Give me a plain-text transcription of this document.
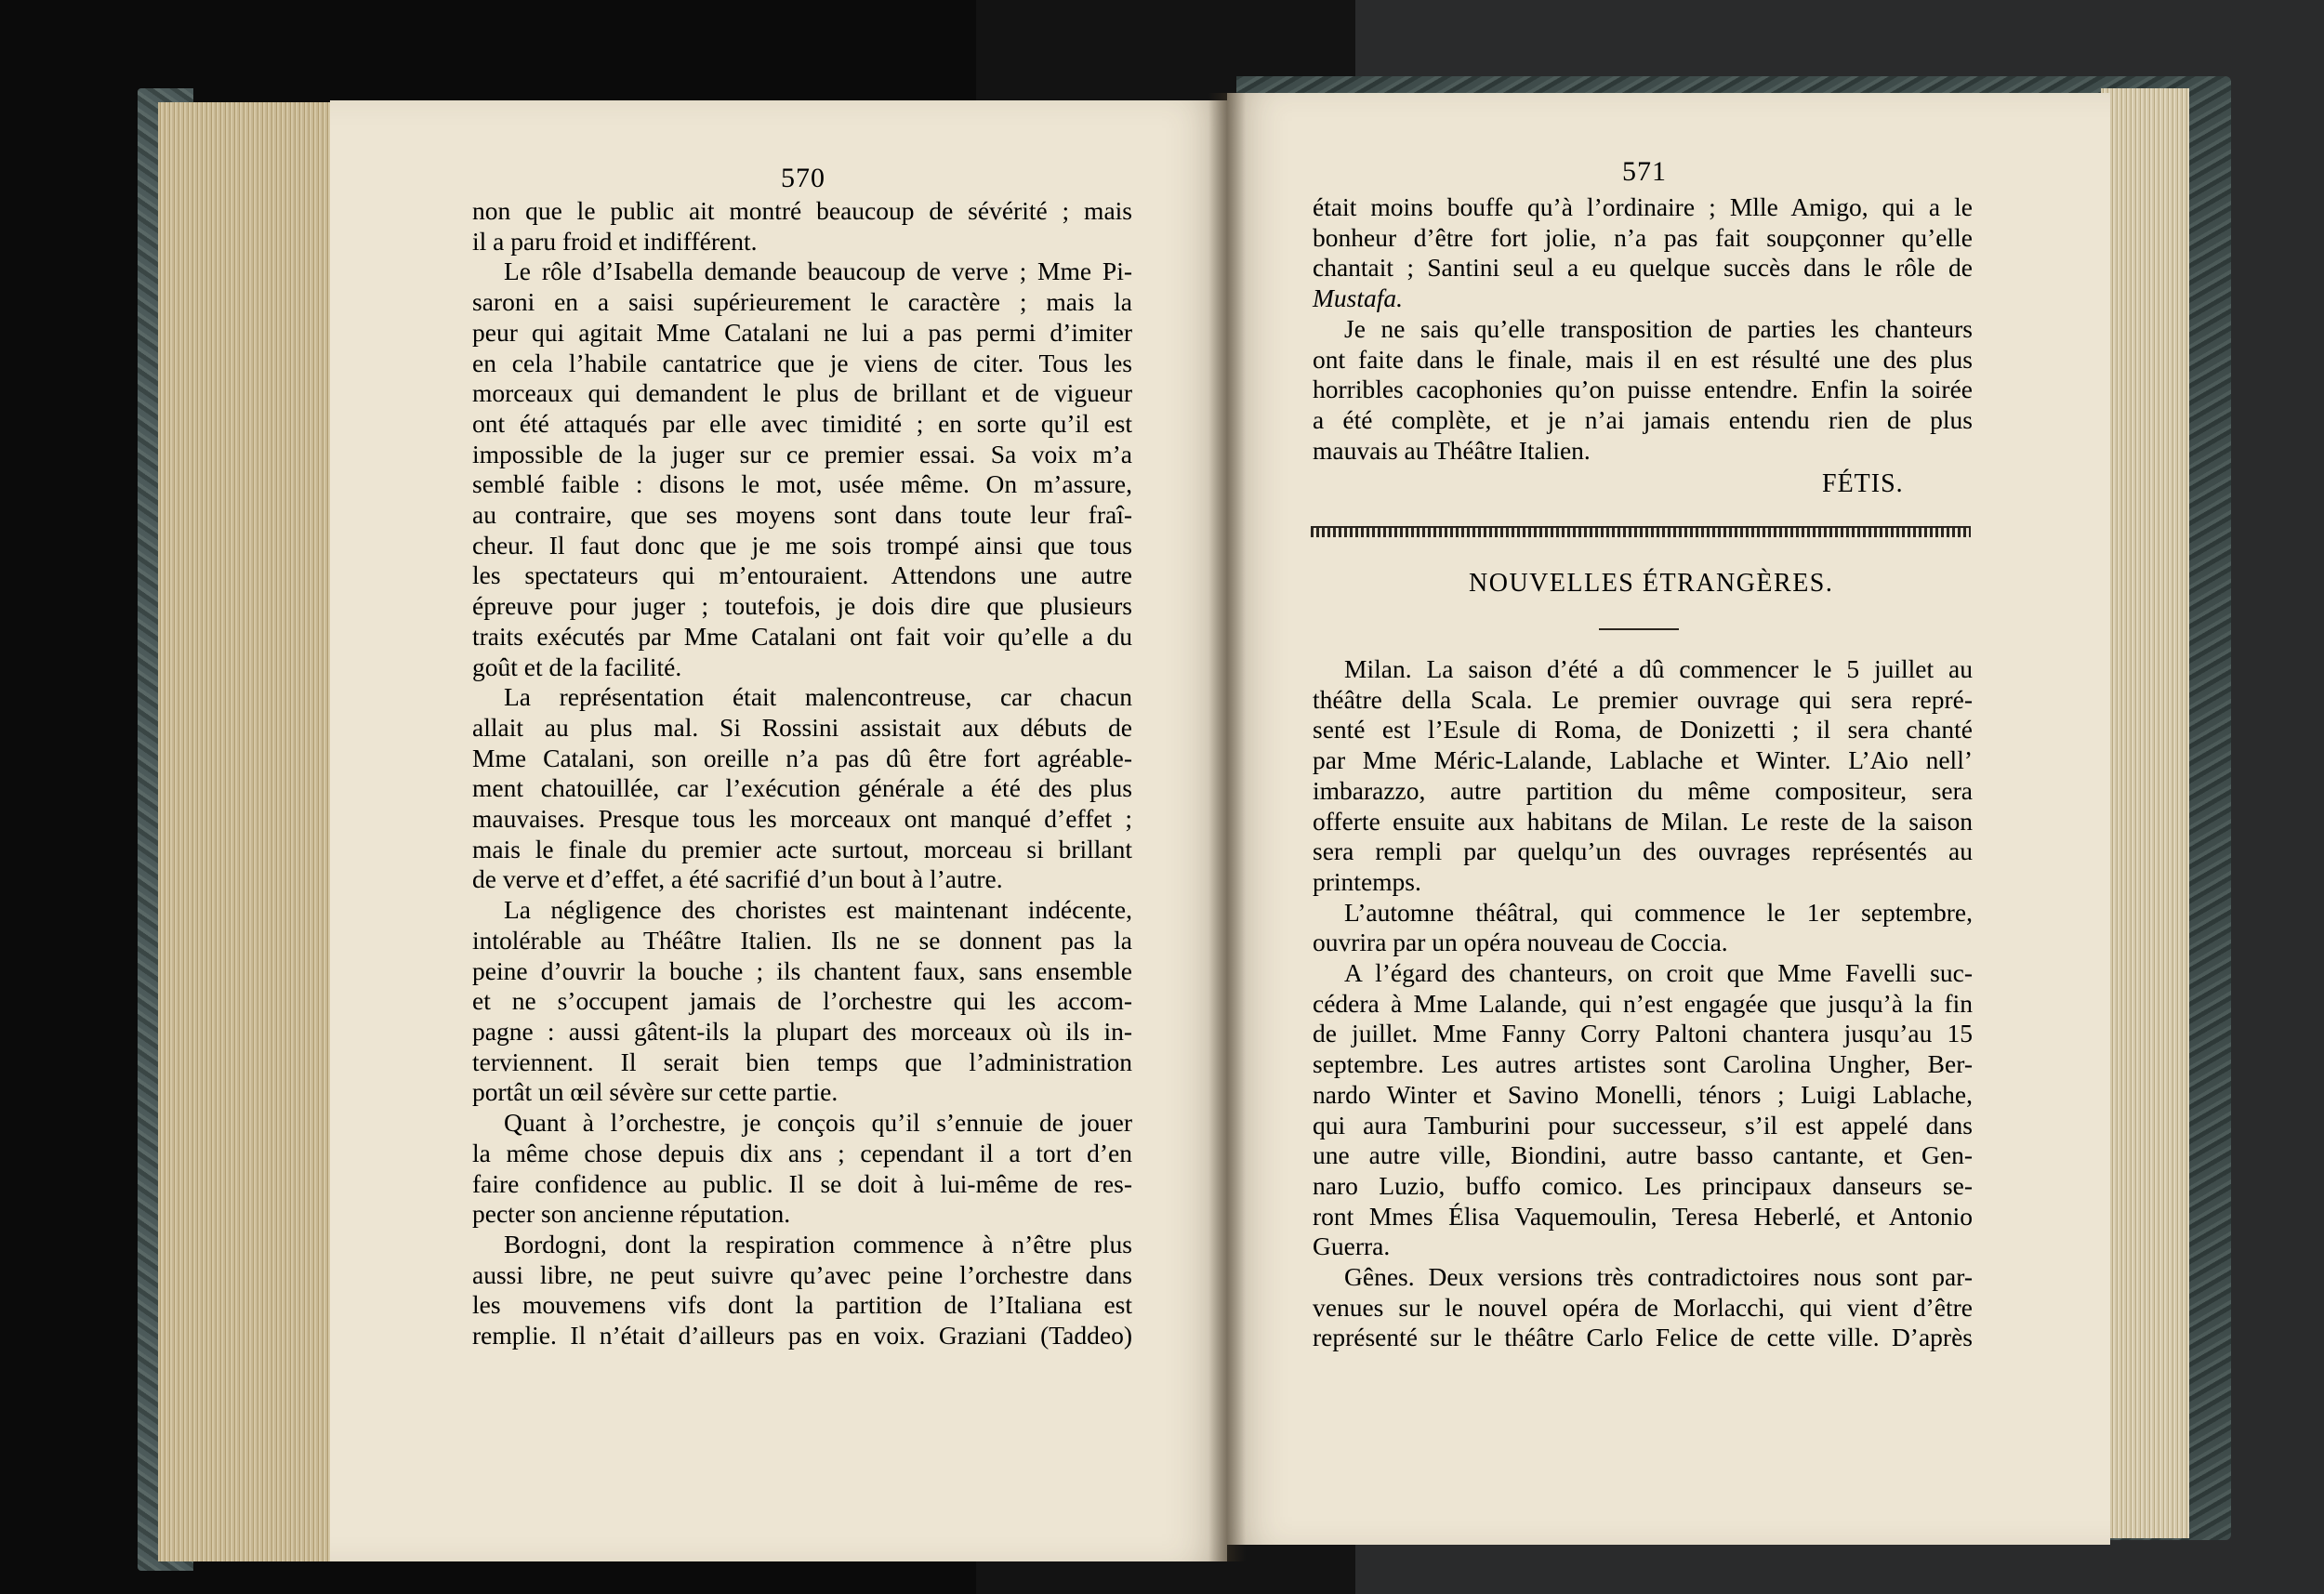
570
non que le public ait montré beaucoup de sévérité ; mais
il a paru froid et indifférent.
Le rôle d’Isabella demande beaucoup de verve ; Mme Pi-
saroni en a saisi supérieurement le caractère ; mais la
peur qui agitait Mme Catalani ne lui a pas permi d’imiter
en cela l’habile cantatrice que je viens de citer. Tous les
morceaux qui demandent le plus de brillant et de vigueur
ont été attaqués par elle avec timidité ; en sorte qu’il est
impossible de la juger sur ce premier essai. Sa voix m’a
semblé faible : disons le mot, usée même. On m’assure,
au contraire, que ses moyens sont dans toute leur fraî-
cheur. Il faut donc que je me sois trompé ainsi que tous
les spectateurs qui m’entouraient. Attendons une autre
épreuve pour juger ; toutefois, je dois dire que plusieurs
traits exécutés par Mme Catalani ont fait voir qu’elle a du
goût et de la facilité.
La représentation était malencontreuse, car chacun
allait au plus mal. Si Rossini assistait aux débuts de
Mme Catalani, son oreille n’a pas dû être fort agréable-
ment chatouillée, car l’exécution générale a été des plus
mauvaises. Presque tous les morceaux ont manqué d’effet ;
mais le finale du premier acte surtout, morceau si brillant
de verve et d’effet, a été sacrifié d’un bout à l’autre.
La négligence des choristes est maintenant indécente,
intolérable au Théâtre Italien. Ils ne se donnent pas la
peine d’ouvrir la bouche ; ils chantent faux, sans ensemble
et ne s’occupent jamais de l’orchestre qui les accom-
pagne : aussi gâtent-ils la plupart des morceaux où ils in-
terviennent. Il serait bien temps que l’administration
portât un œil sévère sur cette partie.
Quant à l’orchestre, je conçois qu’il s’ennuie de jouer
la même chose depuis dix ans ; cependant il a tort d’en
faire confidence au public. Il se doit à lui-même de res-
pecter son ancienne réputation.
Bordogni, dont la respiration commence à n’être plus
aussi libre, ne peut suivre qu’avec peine l’orchestre dans
les mouvemens vifs dont la partition de l’Italiana est
remplie. Il n’était d’ailleurs pas en voix. Graziani (Taddeo)
571
était moins bouffe qu’à l’ordinaire ; Mlle Amigo, qui a le
bonheur d’être fort jolie, n’a pas fait soupçonner qu’elle
chantait ; Santini seul a eu quelque succès dans le rôle de
Mustafa.
Je ne sais qu’elle transposition de parties les chanteurs
ont faite dans le finale, mais il en est résulté une des plus
horribles cacophonies qu’on puisse entendre. Enfin la soirée
a été complète, et je n’ai jamais entendu rien de plus
mauvais au Théâtre Italien.
FÉTIS.
NOUVELLES ÉTRANGÈRES.
Milan. La saison d’été a dû commencer le 5 juillet au
théâtre della Scala. Le premier ouvrage qui sera repré-
senté est l’Esule di Roma, de Donizetti ; il sera chanté
par Mme Méric-Lalande, Lablache et Winter. L’Aio nell’
imbarazzo, autre partition du même compositeur, sera
offerte ensuite aux habitans de Milan. Le reste de la saison
sera rempli par quelqu’un des ouvrages représentés au
printemps.
L’automne théâtral, qui commence le 1er septembre,
ouvrira par un opéra nouveau de Coccia.
A l’égard des chanteurs, on croit que Mme Favelli suc-
cédera à Mme Lalande, qui n’est engagée que jusqu’à la fin
de juillet. Mme Fanny Corry Paltoni chantera jusqu’au 15
septembre. Les autres artistes sont Carolina Ungher, Ber-
nardo Winter et Savino Monelli, ténors ; Luigi Lablache,
qui aura Tamburini pour successeur, s’il est appelé dans
une autre ville, Biondini, autre basso cantante, et Gen-
naro Luzio, buffo comico. Les principaux danseurs se-
ront Mmes Élisa Vaquemoulin, Teresa Heberlé, et Antonio
Guerra.
Gênes. Deux versions très contradictoires nous sont par-
venues sur le nouvel opéra de Morlacchi, qui vient d’être
représenté sur le théâtre Carlo Felice de cette ville. D’après
